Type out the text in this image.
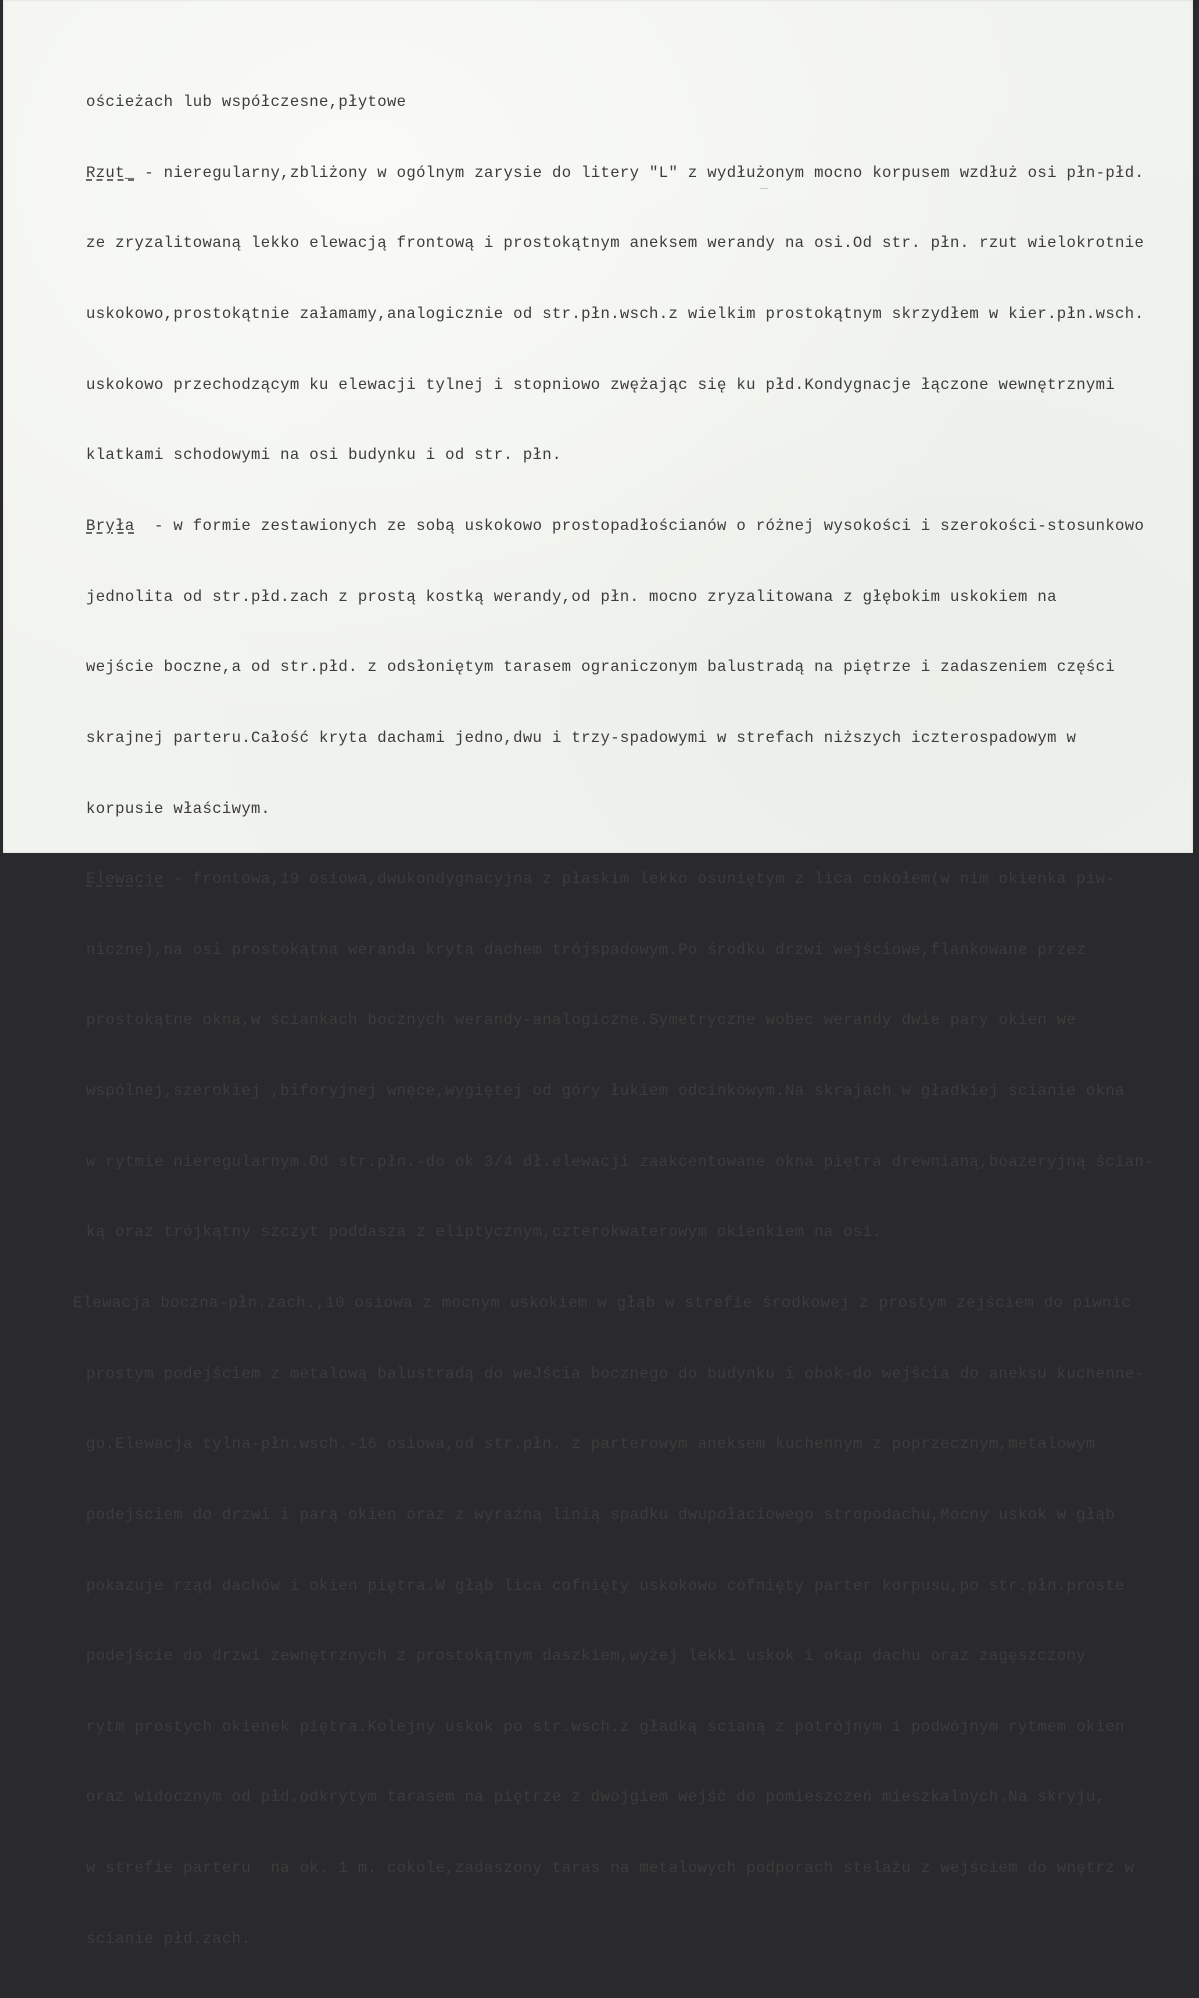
ościeżach lub współczesne,płytowe

Rzut_ - nieregularny,zbliżony w ogólnym zarysie do litery "L" z wydłużonym mocno korpusem wzdłuż osi płn-płd.

ze zryzalitowaną lekko elewacją frontową i prostokątnym aneksem werandy na osi.Od str. płn. rzut wielokrotnie

uskokowo,prostokątnie załamamy,analogicznie od str.płn.wsch.z wielkim prostokątnym skrzydłem w kier.płn.wsch.

uskokowo przechodzącym ku elewacji tylnej i stopniowo zwężając się ku płd.Kondygnacje łączone wewnętrznymi

klatkami schodowymi na osi budynku i od str. płn.

Bryła  - w formie zestawionych ze sobą uskokowo prostopadłościanów o różnej wysokości i szerokości-stosunkowo

jednolita od str.płd.zach z prostą kostką werandy,od płn. mocno zryzalitowana z głębokim uskokiem na

wejście boczne,a od str.płd. z odsłoniętym tarasem ograniczonym balustradą na piętrze i zadaszeniem części

skrajnej parteru.Całość kryta dachami jedno,dwu i trzy-spadowymi w strefach niższych iczterospadowym w

korpusie właściwym.

Elewacje - frontowa,19 osiowa,dwukondygnacyjna z płaskim lekko osuniętym z lica cokołem(w nim okienka piw-

niczne),na osi prostokątna weranda kryta dachem trójspadowym.Po środku drzwi wejściowe,flankowane przez

prostokątne okna,w ściankach bocznych werandy-analogiczne.Symetryczne wobec werandy dwie pary okien we

wspólnej,szerokiej ,biforyjnej wnęce,wygiętej od góry łukiem odcinkowym.Na skrajach w gładkiej ścianie okna

w rytmie nieregularnym.Od str.płn.-do ok 3/4 dł.elewacji zaakcentowane okna piętra drewnianą,boazeryjną ścian-

ką oraz trójkątny szczyt poddasza z eliptycznym,czterokwaterowym okienkiem na osi.

Elewacja boczna-płn.zach.,10 osiowa z mocnym uskokiem w głąb w strefie środkowej z prostym zejściem do piwnic

prostym podejściem z metalową balustradą do weJścia bocznego do budynku i obok-do wejścia do aneksu kuchenne-

go.Elewacja tylna-płn.wsch.-16 osiowa,od str.płn. z parterowym aneksem kuchennym z poprzecznym,metalowym

podejściem do drzwi i parą okien oraz z wyraźną linią spadku dwupołaciowego stropodachu,Mocny uskok w głąb

pokazuje rząd dachów i okien piętra.W głąb lica cofnięty uskokowo cofnięty parter korpusu,po str.płn.proste

podejście do drzwi zewnętrznych z prostokątnym daszkiem,wyżej lekki uskok i okap dachu oraz zagęszczony

rytm prostych okienek piętra.Kolejny uskok po str.wsch.z gładką ścianą z potrójnym i podwójnym rytmem okien

oraz widocznym od płd.odkrytym tarasem na piętrze z dwojgiem wejść do pomieszczeń mieszkalnych.Na skryju,

w strefie parteru  na ok. 1 m. cokole,zadaszony taras na metalowych podporach stelażu z wejściem do wnętrz w

ścianie płd.zach.
